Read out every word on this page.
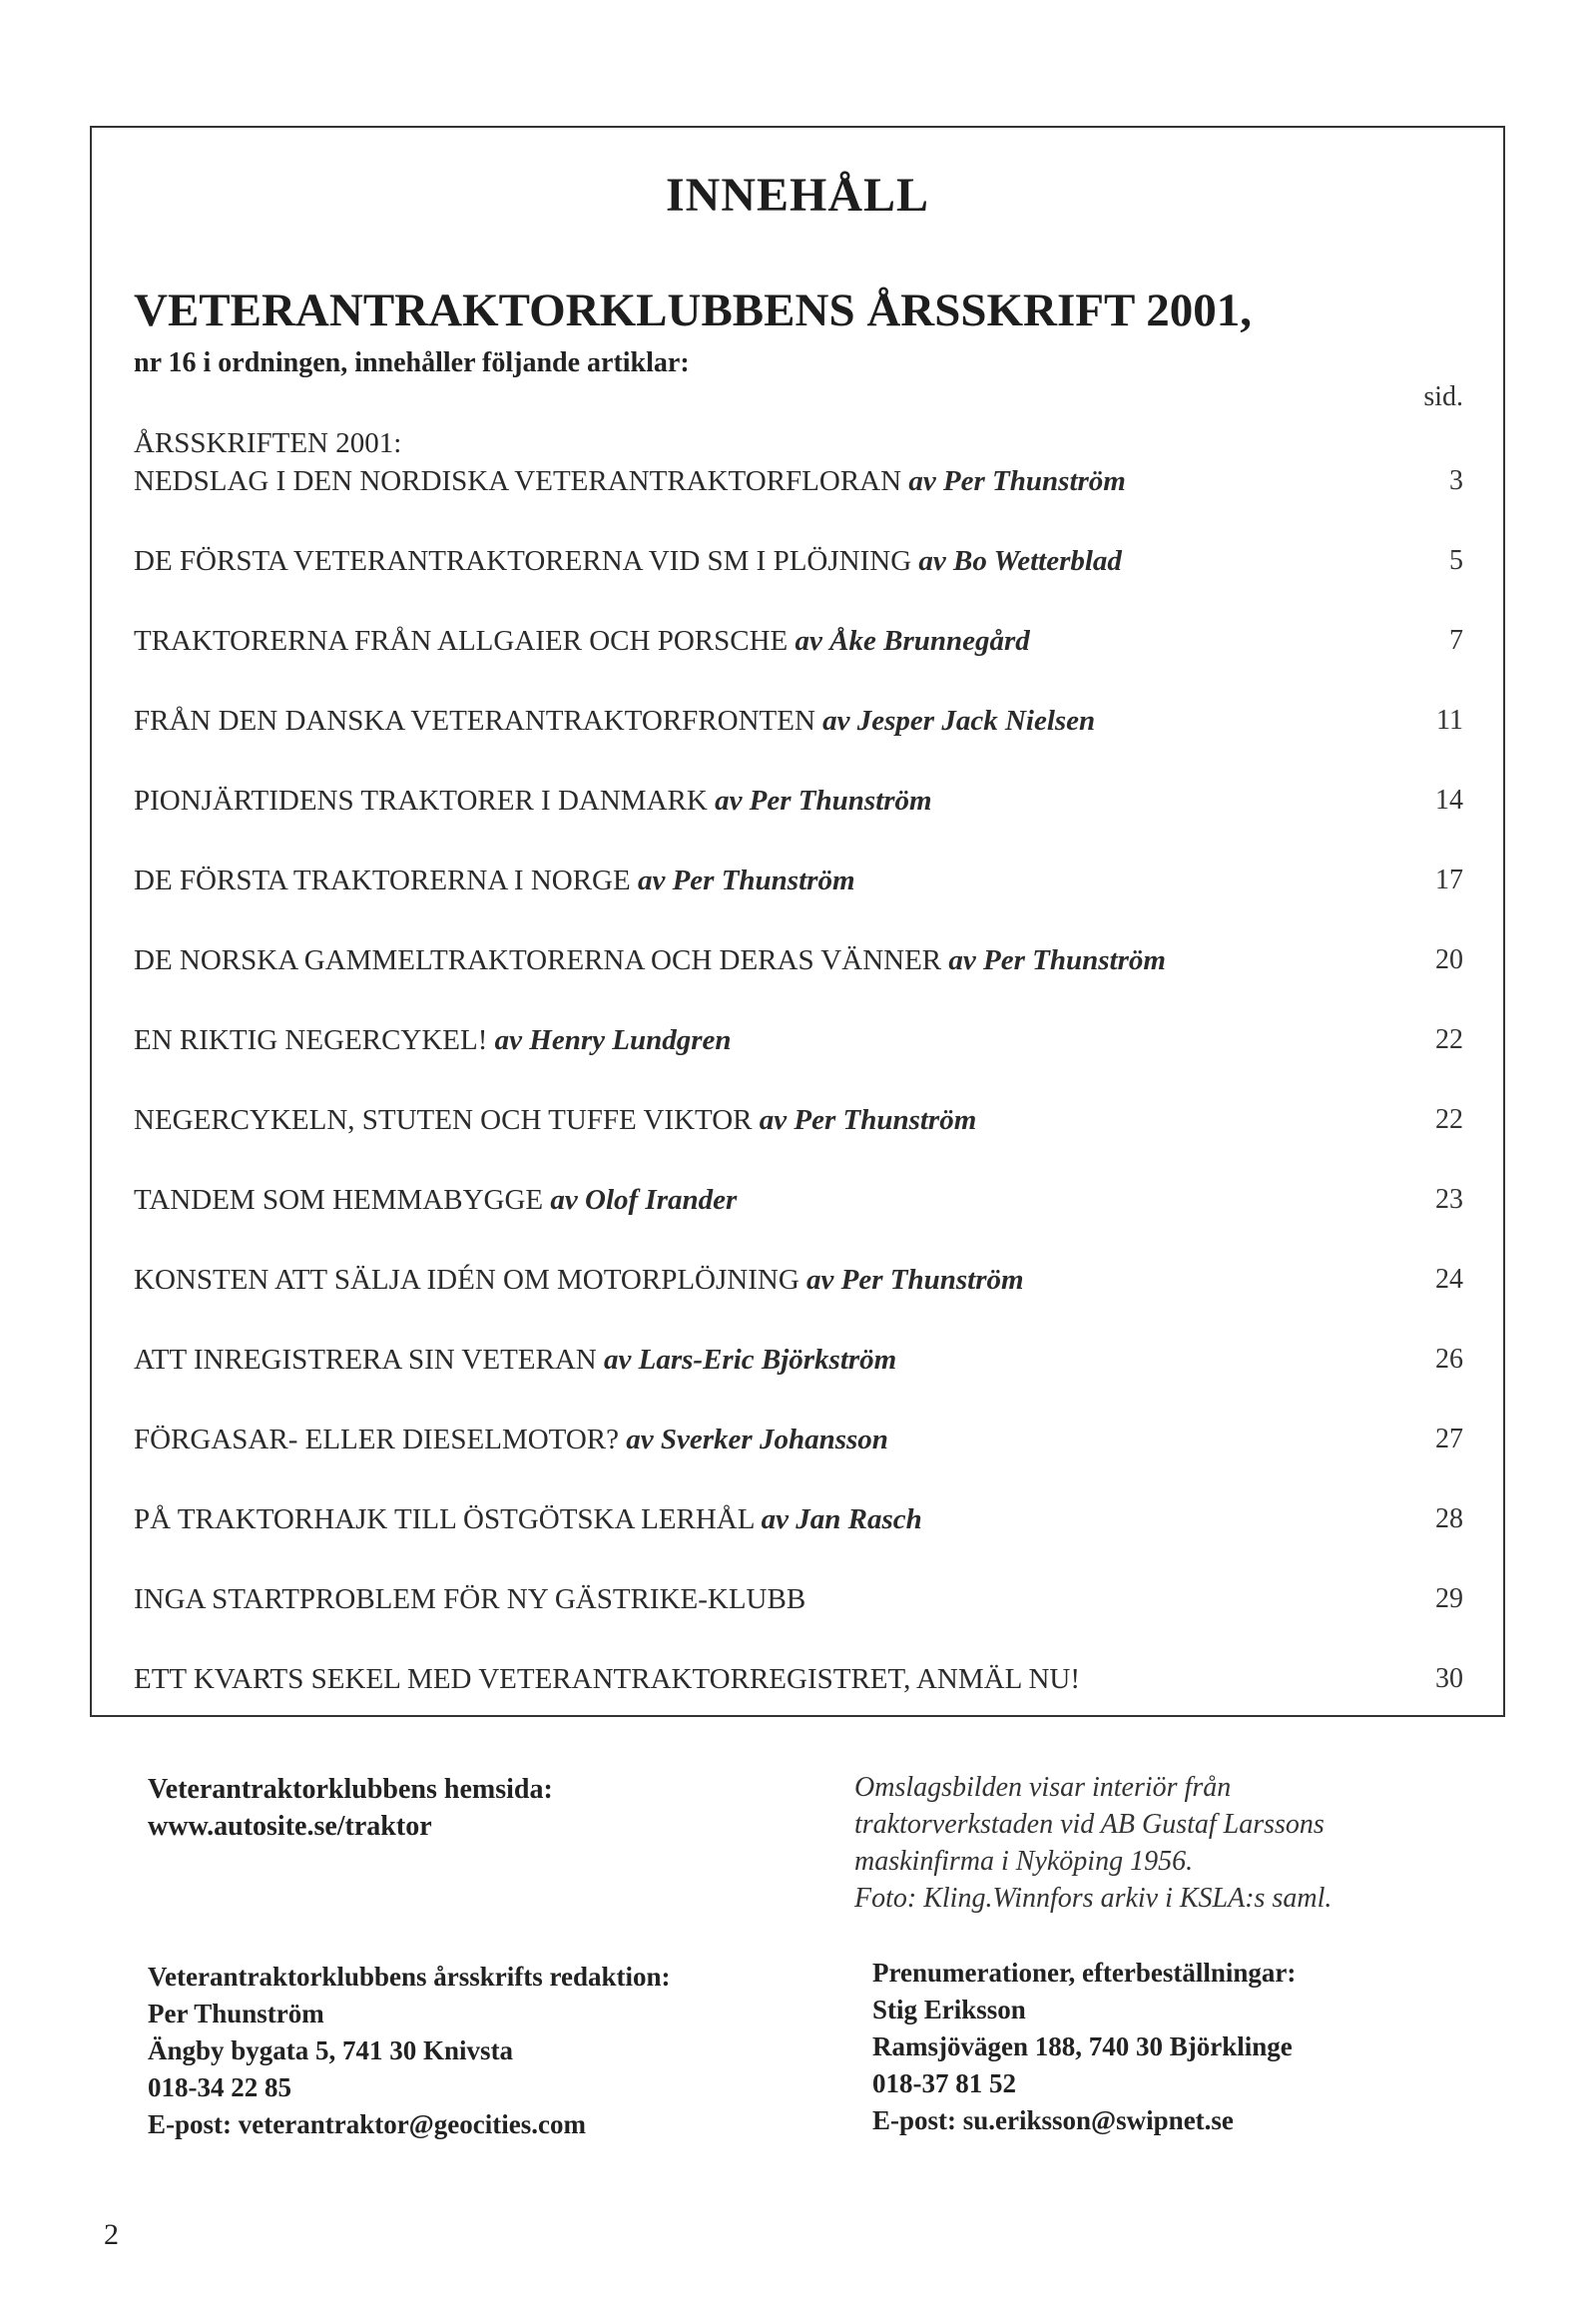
INNEHÅLL
VETERANTRAKTORKLUBBENS ÅRSSKRIFT 2001,
nr 16 i ordningen, innehåller följande artiklar:
sid.
ÅRSSKRIFTEN 2001:
NEDSLAG I DEN NORDISKA VETERANTRAKTORFLORAN av Per Thunström	3
DE FÖRSTA VETERANTRAKTORERNA VID SM I PLÖJNING av Bo Wetterblad	5
TRAKTORERNA FRÅN ALLGAIER OCH PORSCHE av Åke Brunnegård	7
FRÅN DEN DANSKA VETERANTRAKTORFRONTEN av Jesper Jack Nielsen	11
PIONJÄRTIDENS TRAKTORER I DANMARK av Per Thunström	14
DE FÖRSTA TRAKTORERNA I NORGE av Per Thunström	17
DE NORSKA GAMMELTRAKTORERNA OCH DERAS VÄNNER av Per Thunström	20
EN RIKTIG NEGERCYKEL! av Henry Lundgren	22
NEGERCYKELN, STUTEN OCH TUFFE VIKTOR av Per Thunström	22
TANDEM SOM HEMMABYGGE av Olof Irander	23
KONSTEN ATT SÄLJA IDÉN OM MOTORPLÖJNING av Per Thunström	24
ATT INREGISTRERA SIN VETERAN av Lars-Eric Björkström	26
FÖRGASAR- ELLER DIESELMOTOR? av Sverker Johansson	27
PÅ TRAKTORHAJK TILL ÖSTGÖTSKA LERHÅL av Jan Rasch	28
INGA STARTPROBLEM FÖR NY GÄSTRIKE-KLUBB	29
ETT KVARTS SEKEL MED VETERANTRAKTORREGISTRET, ANMÄL NU!	30
Veterantraktorklubbens hemsida:
www.autosite.se/traktor
Omslagsbilden visar interiör från
traktorverkstaden vid AB Gustaf Larssons
maskinfirma i Nyköping 1956.
Foto: Kling.Winnfors arkiv i KSLA:s saml.
Veterantraktorklubbens årsskrifts redaktion:
Per Thunström
Ängby bygata 5, 741 30 Knivsta
018-34 22 85
E-post: veterantraktor@geocities.com
Prenumerationer, efterbeställningar:
Stig Eriksson
Ramsjövägen 188, 740 30 Björklinge
018-37 81 52
E-post: su.eriksson@swipnet.se
2
